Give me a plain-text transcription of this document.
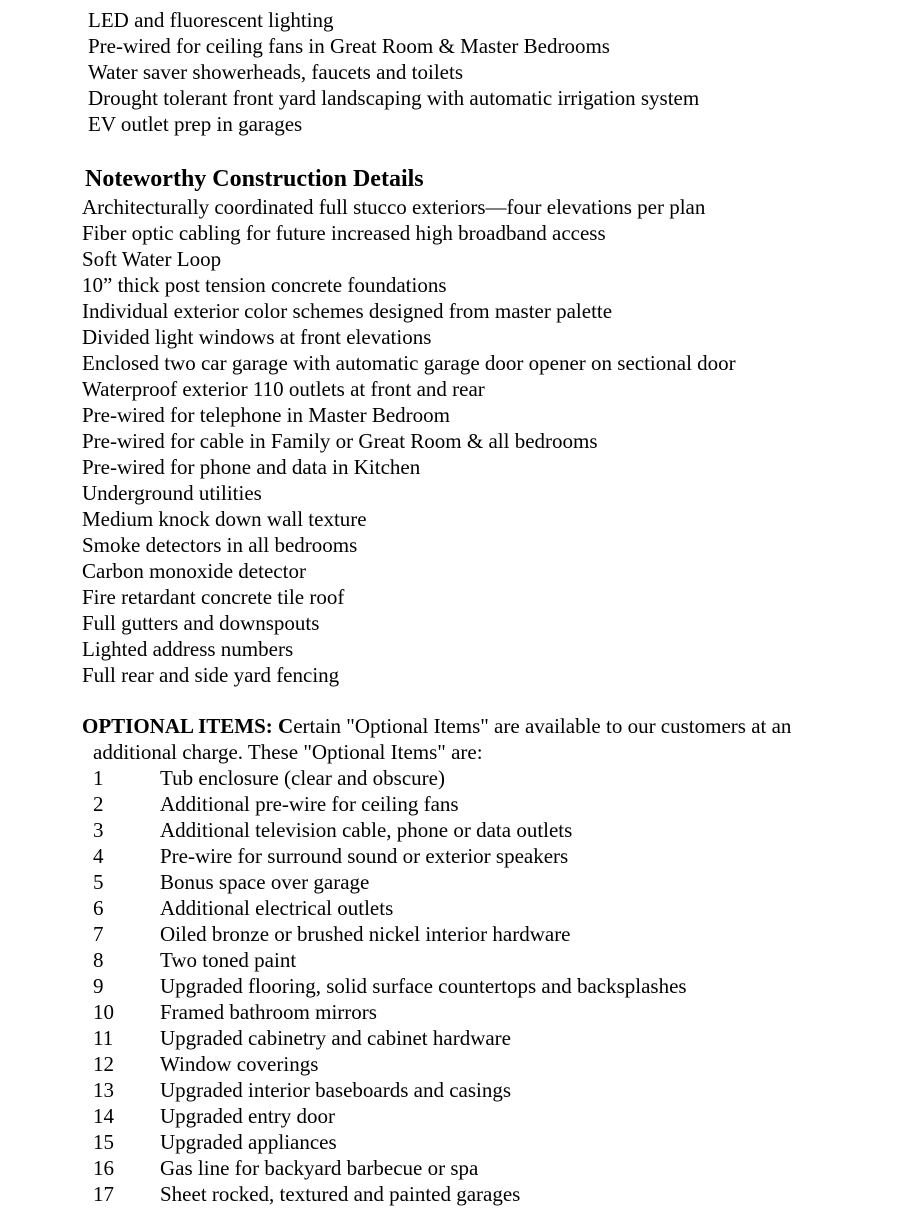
LED and fluorescent lighting
Pre-wired for ceiling fans in Great Room & Master Bedrooms
Water saver showerheads, faucets and toilets
Drought tolerant front yard landscaping with automatic irrigation system
EV outlet prep in garages
Noteworthy Construction Details
Architecturally coordinated full stucco exteriors—four elevations per plan
Fiber optic cabling for future increased high broadband access
Soft Water Loop
10” thick post tension concrete foundations
Individual exterior color schemes designed from master palette
Divided light windows at front elevations
Enclosed two car garage with automatic garage door opener on sectional door
Waterproof exterior 110 outlets at front and rear
Pre-wired for telephone in Master Bedroom
Pre-wired for cable in Family or Great Room & all bedrooms
Pre-wired for phone and data in Kitchen
Underground utilities
Medium knock down wall texture
Smoke detectors in all bedrooms
Carbon monoxide detector
Fire retardant concrete tile roof
Full gutters and downspouts
Lighted address numbers
Full rear and side yard fencing

OPTIONAL ITEMS: Certain "Optional Items" are available to our customers at an
additional charge. These "Optional Items" are:

1	Tub enclosure (clear and obscure)
2	Additional pre-wire for ceiling fans
3	Additional television cable, phone or data outlets
4	Pre-wire for surround sound or exterior speakers
5	Bonus space over garage
6	Additional electrical outlets
7	Oiled bronze or brushed nickel interior hardware
8	Two toned paint
9	Upgraded flooring, solid surface countertops and backsplashes
10	Framed bathroom mirrors
11	Upgraded cabinetry and cabinet hardware
12	Window coverings
13	Upgraded interior baseboards and casings
14	Upgraded entry door
15	Upgraded appliances
16	Gas line for backyard barbecue or spa
17	Sheet rocked, textured and painted garages
